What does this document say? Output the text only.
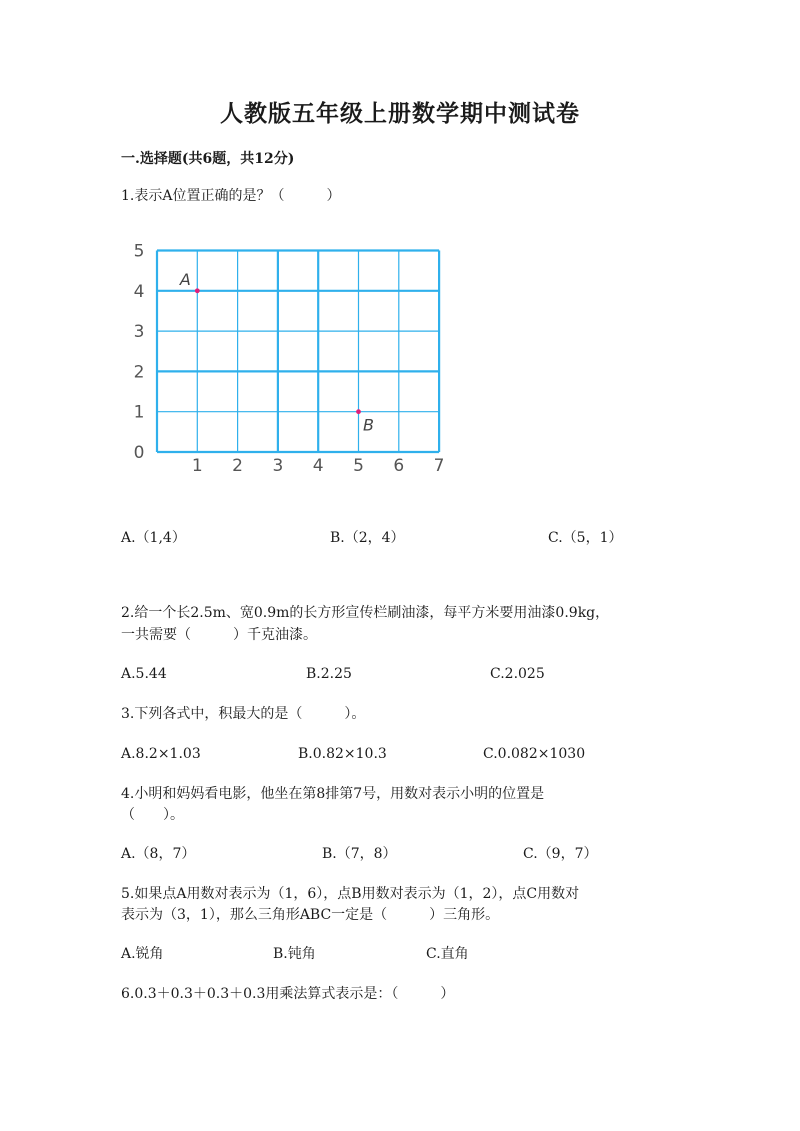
人教版五年级上册数学期中测试卷
一.选择题(共6题，共12分)
1.表示A位置正确的是？（　　　）
1 2 3 4 5 6 7
0
1
2
3
4
5
A
B
A.（1,4）	B.（2，4）	C.（5，1）
2.给一个长2.5m、宽0.9m的长方形宣传栏刷油漆，每平方米要用油漆0.9kg，
一共需要（　　　）千克油漆。
A.5.44	B.2.25	C.2.025
3.下列各式中，积最大的是（　　　）。
A.8.2×1.03	B.0.82×10.3	C.0.082×1030
4.小明和妈妈看电影，他坐在第8排第7号，用数对表示小明的位置是
（　　）。
A.（8，7）	B.（7，8）	C.（9，7）
5.如果点A用数对表示为（1，6），点B用数对表示为（1，2），点C用数对
表示为（3，1），那么三角形ABC一定是（　　　）三角形。
A.锐角	B.钝角	C.直角
6.0.3＋0.3＋0.3＋0.3用乘法算式表示是：（　　　）
